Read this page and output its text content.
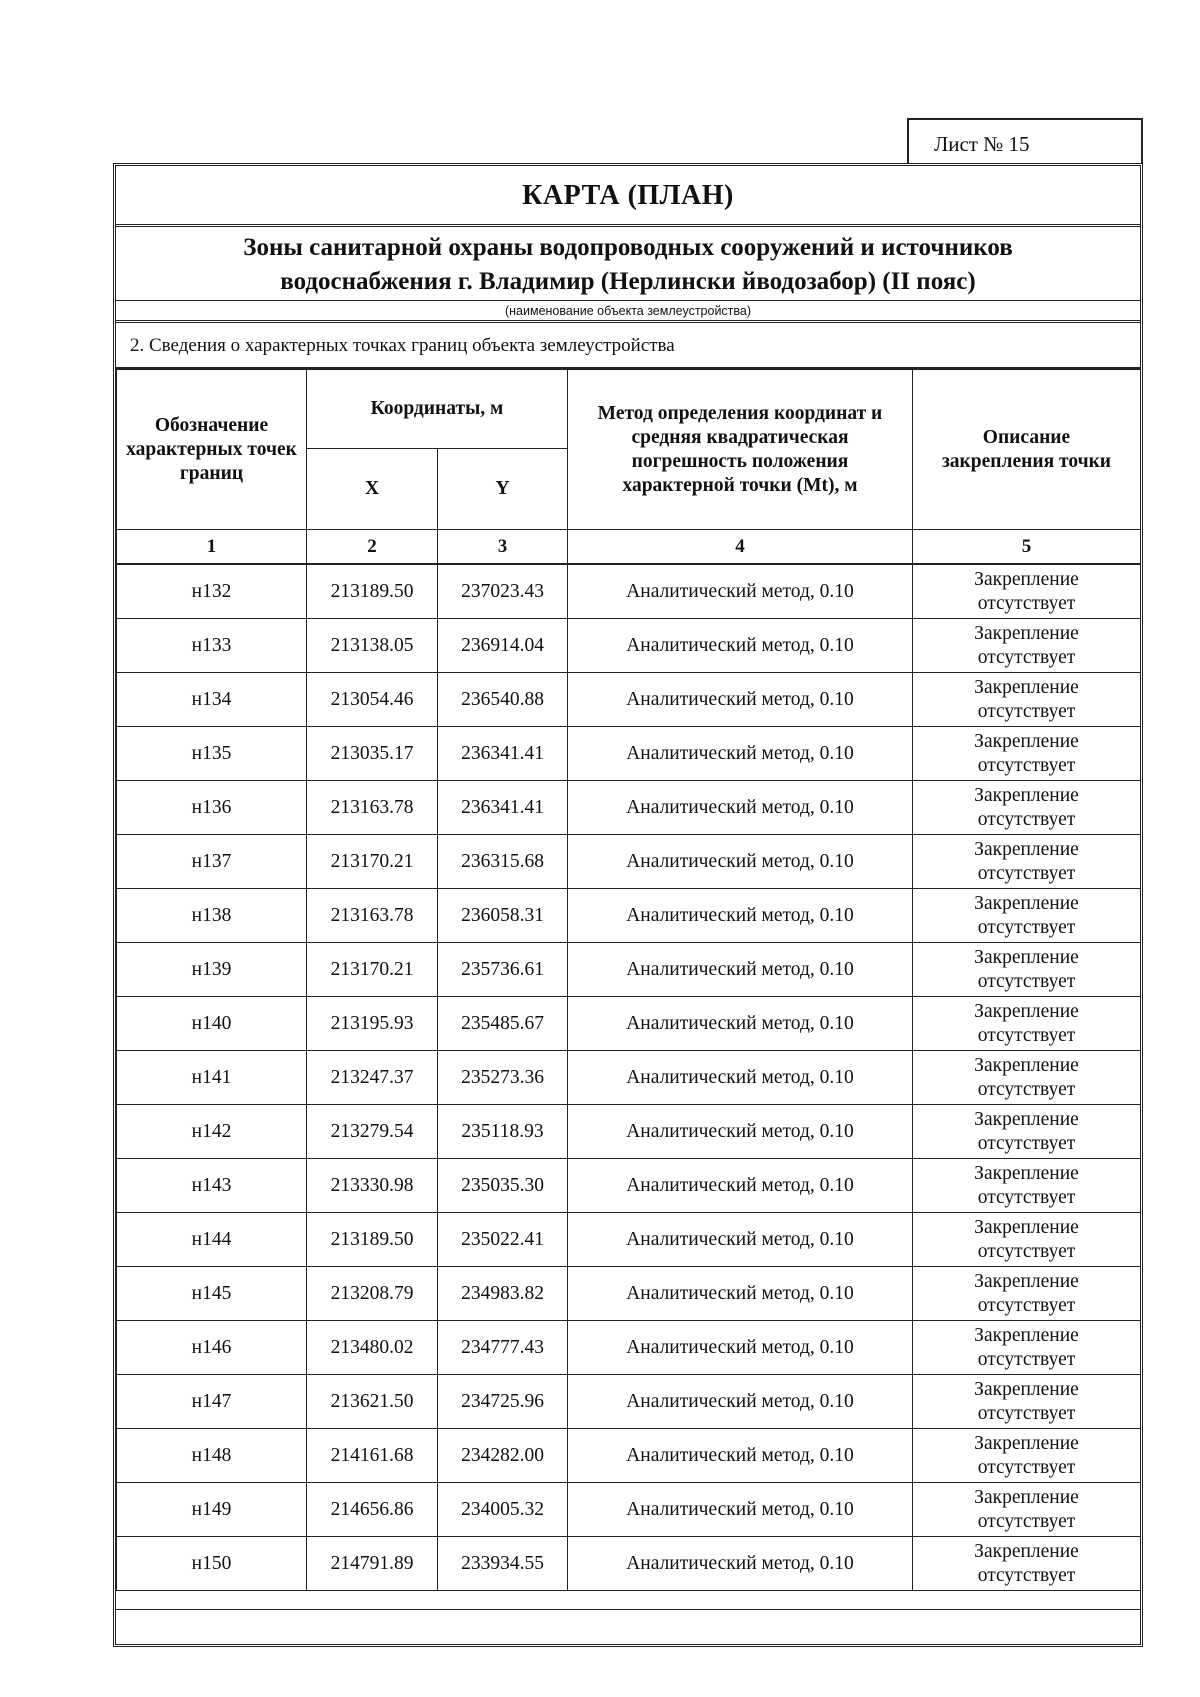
Лист № 15
КАРТА (ПЛАН)
Зоны санитарной охраны водопроводных сооружений и источников
водоснабжения г. Владимир (Нерлински йводозабор) (II пояс)
(наименование объекта землеустройства)
2. Сведения о характерных точках границ объекта землеустройства
Обозначение характерных точек границ	Координаты, м		Метод определения координат и средняя квадратическая погрешность положения характерной точки (Mt), м	Описание закрепления точки
	X	Y		
1	2	3	4	5
н132	213189.50	237023.43	Аналитический метод, 0.10	Закрепление
отсутствует

н133	213138.05	236914.04	Аналитический метод, 0.10	Закрепление
отсутствует

н134	213054.46	236540.88	Аналитический метод, 0.10	Закрепление
отсутствует

н135	213035.17	236341.41	Аналитический метод, 0.10	Закрепление
отсутствует

н136	213163.78	236341.41	Аналитический метод, 0.10	Закрепление
отсутствует

н137	213170.21	236315.68	Аналитический метод, 0.10	Закрепление
отсутствует

н138	213163.78	236058.31	Аналитический метод, 0.10	Закрепление
отсутствует

н139	213170.21	235736.61	Аналитический метод, 0.10	Закрепление
отсутствует

н140	213195.93	235485.67	Аналитический метод, 0.10	Закрепление
отсутствует

н141	213247.37	235273.36	Аналитический метод, 0.10	Закрепление
отсутствует

н142	213279.54	235118.93	Аналитический метод, 0.10	Закрепление
отсутствует

н143	213330.98	235035.30	Аналитический метод, 0.10	Закрепление
отсутствует

н144	213189.50	235022.41	Аналитический метод, 0.10	Закрепление
отсутствует

н145	213208.79	234983.82	Аналитический метод, 0.10	Закрепление
отсутствует

н146	213480.02	234777.43	Аналитический метод, 0.10	Закрепление
отсутствует

н147	213621.50	234725.96	Аналитический метод, 0.10	Закрепление
отсутствует

н148	214161.68	234282.00	Аналитический метод, 0.10	Закрепление
отсутствует

н149	214656.86	234005.32	Аналитический метод, 0.10	Закрепление
отсутствует

н150	214791.89	233934.55	Аналитический метод, 0.10	Закрепление
отсутствует
